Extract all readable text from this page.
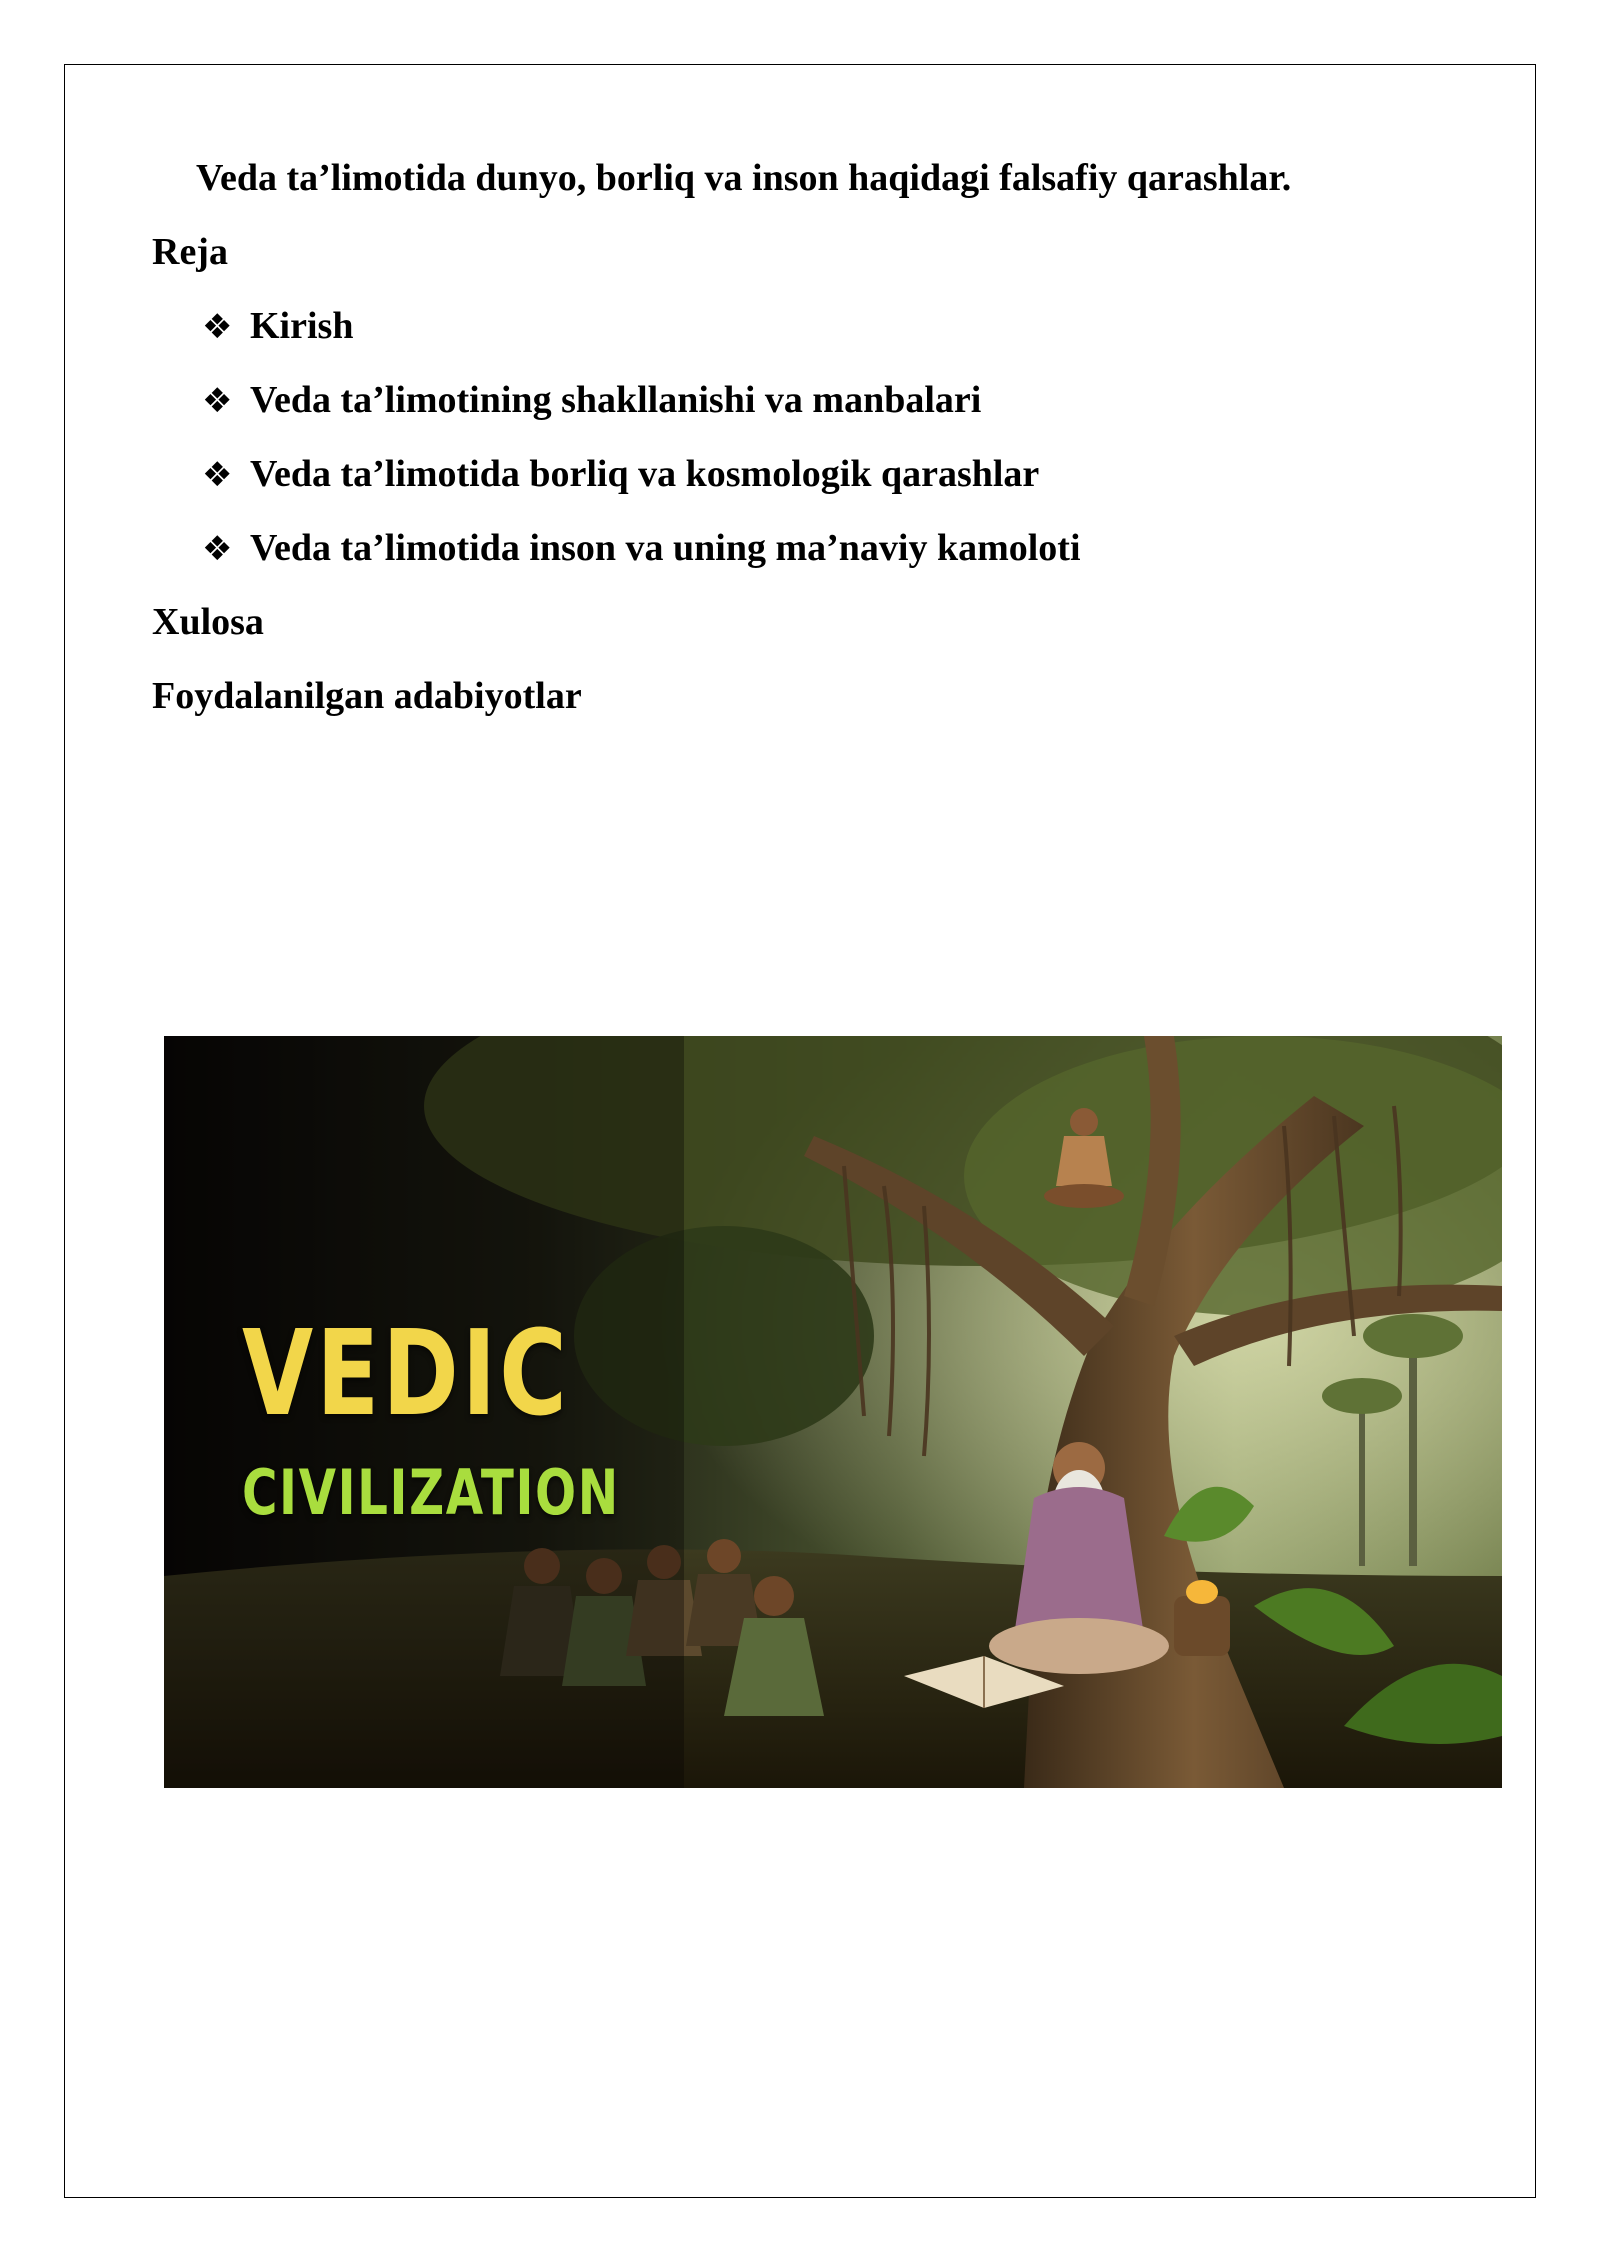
Veda ta’limotida dunyo, borliq va inson haqidagi falsafiy qarashlar.
Reja
❖ Kirish
❖ Veda ta’limotining shakllanishi va manbalari
❖ Veda ta’limotida borliq va kosmologik qarashlar
❖ Veda ta’limotida inson va uning ma’naviy kamoloti
Xulosa
Foydalanilgan adabiyotlar
VEDIC
CIVILIZATION
